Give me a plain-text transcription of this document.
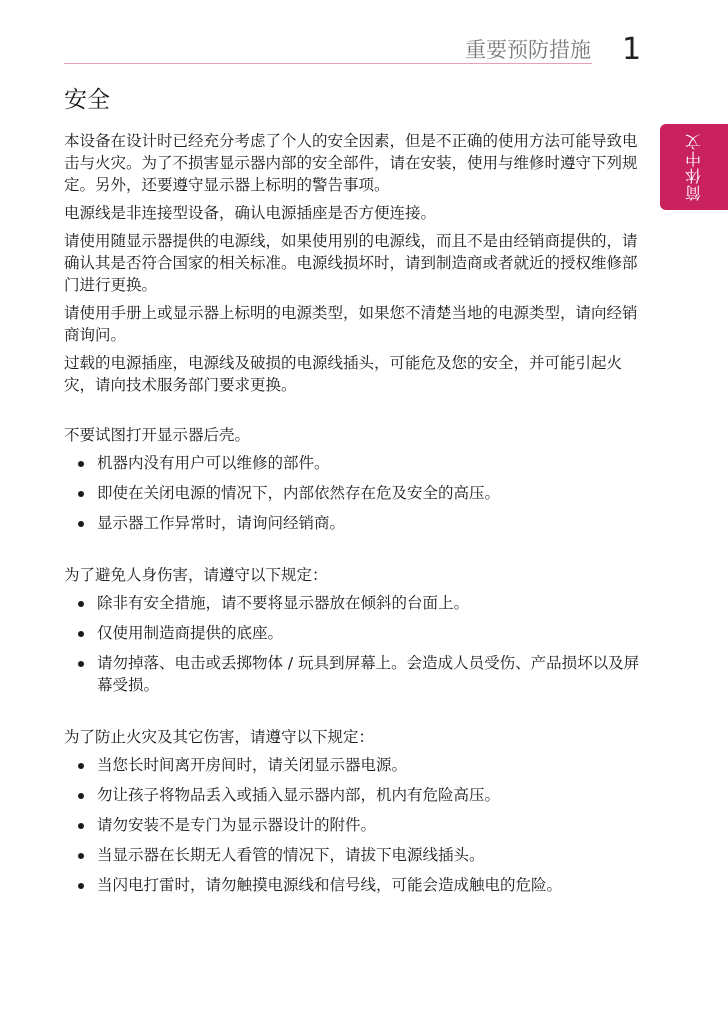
重要预防措施 1
简体中文
安全

本设备在设计时已经充分考虑了个人的安全因素，但是不正确的使用方法可能导致电击与火灾。为了不损害显示器内部的安全部件，请在安装，使用与维修时遵守下列规定。另外，还要遵守显示器上标明的警告事项。

电源线是非连接型设备，确认电源插座是否方便连接。

请使用随显示器提供的电源线，如果使用别的电源线，而且不是由经销商提供的，请确认其是否符合国家的相关标准。电源线损坏时，请到制造商或者就近的授权维修部门进行更换。

请使用手册上或显示器上标明的电源类型，如果您不清楚当地的电源类型，请向经销商询问。

过载的电源插座，电源线及破损的电源线插头，可能危及您的安全，并可能引起火灾，请向技术服务部门要求更换。

不要试图打开显示器后壳。

机器内没有用户可以维修的部件。
即使在关闭电源的情况下，内部依然存在危及安全的高压。
显示器工作异常时，请询问经销商。

为了避免人身伤害，请遵守以下规定：

除非有安全措施，请不要将显示器放在倾斜的台面上。
仅使用制造商提供的底座。
请勿掉落、电击或丢掷物体 / 玩具到屏幕上。会造成人员受伤、产品损坏以及屏幕受损。

为了防止火灾及其它伤害，请遵守以下规定：

当您长时间离开房间时，请关闭显示器电源。
勿让孩子将物品丢入或插入显示器内部，机内有危险高压。
请勿安装不是专门为显示器设计的附件。
当显示器在长期无人看管的情况下，请拔下电源线插头。
当闪电打雷时，请勿触摸电源线和信号线，可能会造成触电的危险。
